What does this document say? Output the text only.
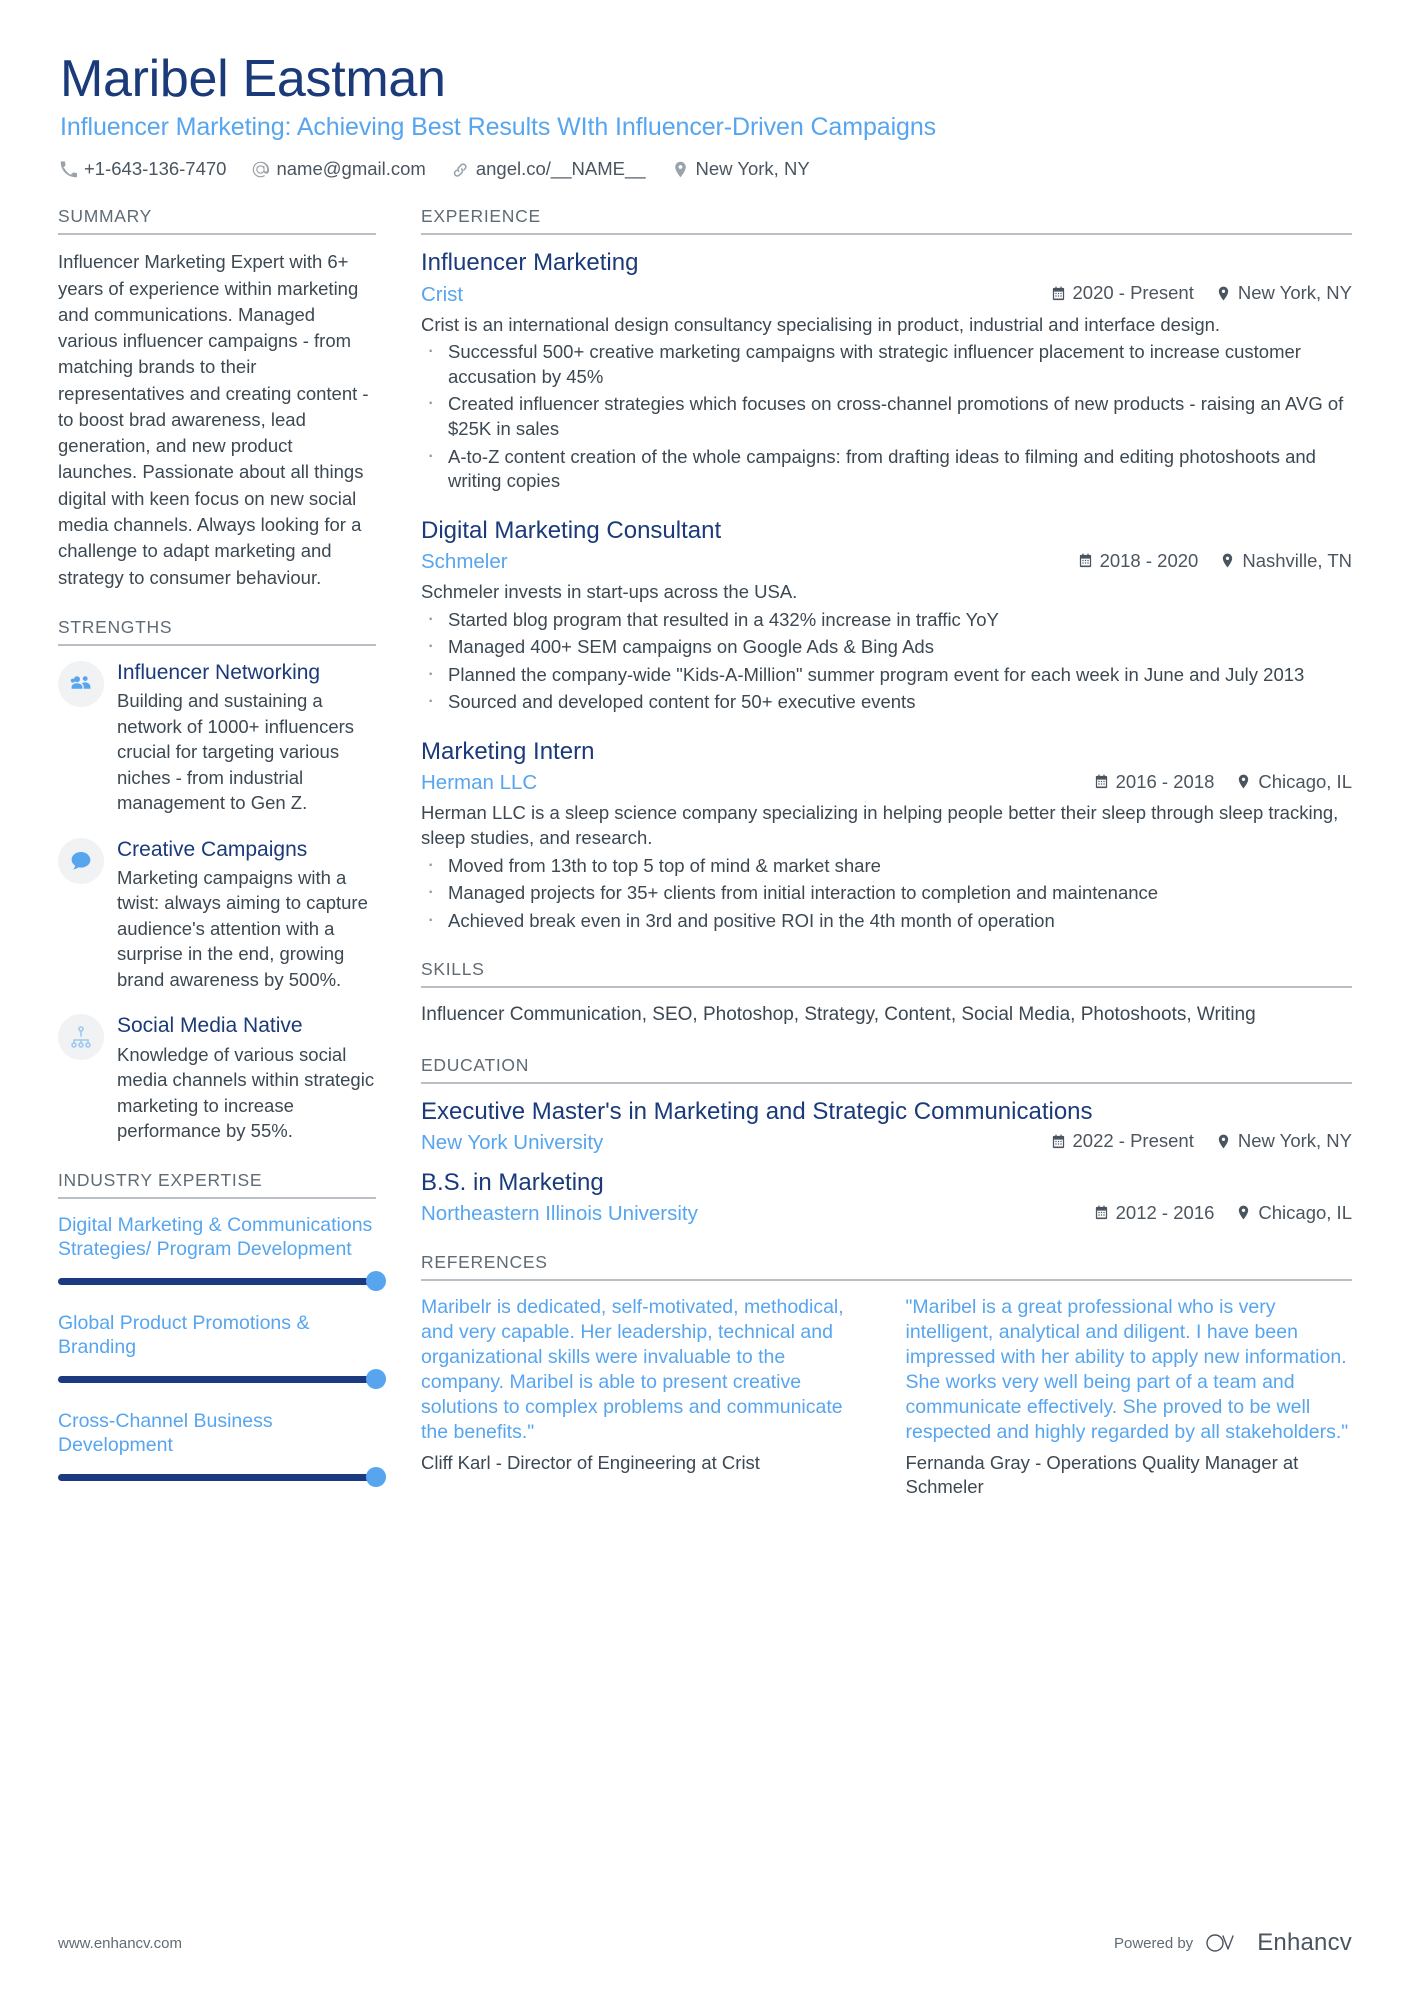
Maribel Eastman
Influencer Marketing: Achieving Best Results WIth Influencer-Driven Campaigns
+1-643-136-7470	name@gmail.com	angel.co/__NAME__	New York, NY
SUMMARY
Influencer Marketing Expert with 6+ years of experience within marketing and communications. Managed various influencer campaigns - from matching brands to their representatives and creating content - to boost brad awareness, lead generation, and new product launches. Passionate about all things digital with keen focus on new social media channels. Always looking for a challenge to adapt marketing and strategy to consumer behaviour.
STRENGTHS
Influencer Networking
Building and sustaining a network of 1000+ influencers crucial for targeting various niches - from industrial management to Gen Z.
Creative Campaigns
Marketing campaigns with a twist: always aiming to capture audience's attention with a surprise in the end, growing brand awareness by 500%.
Social Media Native
Knowledge of various social media channels within strategic marketing to increase performance by 55%.
INDUSTRY EXPERTISE
Digital Marketing & Communications Strategies/ Program Development
Global Product Promotions & Branding
Cross-Channel Business Development
EXPERIENCE
Influencer Marketing
Crist	2020 - Present New York, NY
Crist is an international design consultancy specialising in product, industrial and interface design.
· Successful 500+ creative marketing campaigns with strategic influencer placement to increase customer accusation by 45%
· Created influencer strategies which focuses on cross-channel promotions of new products - raising an AVG of $25K in sales
· A-to-Z content creation of the whole campaigns: from drafting ideas to filming and editing photoshoots and writing copies
Digital Marketing Consultant
Schmeler	2018 - 2020 Nashville, TN
Schmeler invests in start-ups across the USA.
· Started blog program that resulted in a 432% increase in traffic YoY
· Managed 400+ SEM campaigns on Google Ads & Bing Ads
· Planned the company-wide "Kids-A-Million" summer program event for each week in June and July 2013
· Sourced and developed content for 50+ executive events
Marketing Intern
Herman LLC	2016 - 2018 Chicago, IL
Herman LLC is a sleep science company specializing in helping people better their sleep through sleep tracking, sleep studies, and research.
· Moved from 13th to top 5 top of mind & market share
· Managed projects for 35+ clients from initial interaction to completion and maintenance
· Achieved break even in 3rd and positive ROI in the 4th month of operation
SKILLS
Influencer Communication, SEO, Photoshop, Strategy, Content, Social Media, Photoshoots, Writing
EDUCATION
Executive Master's in Marketing and Strategic Communications
New York University	2022 - Present New York, NY
B.S. in Marketing
Northeastern Illinois University	2012 - 2016 Chicago, IL
REFERENCES
Maribelr is dedicated, self-motivated, methodical, and very capable. Her leadership, technical and organizational skills were invaluable to the company. Maribel is able to present creative solutions to complex problems and communicate the benefits."
Cliff Karl - Director of Engineering at Crist
"Maribel is a great professional who is very intelligent, analytical and diligent. I have been impressed with her ability to apply new information. She works very well being part of a team and communicate effectively. She proved to be well respected and highly regarded by all stakeholders."
Fernanda Gray - Operations Quality Manager at Schmeler
www.enhancv.com	Powered by	Enhancv
